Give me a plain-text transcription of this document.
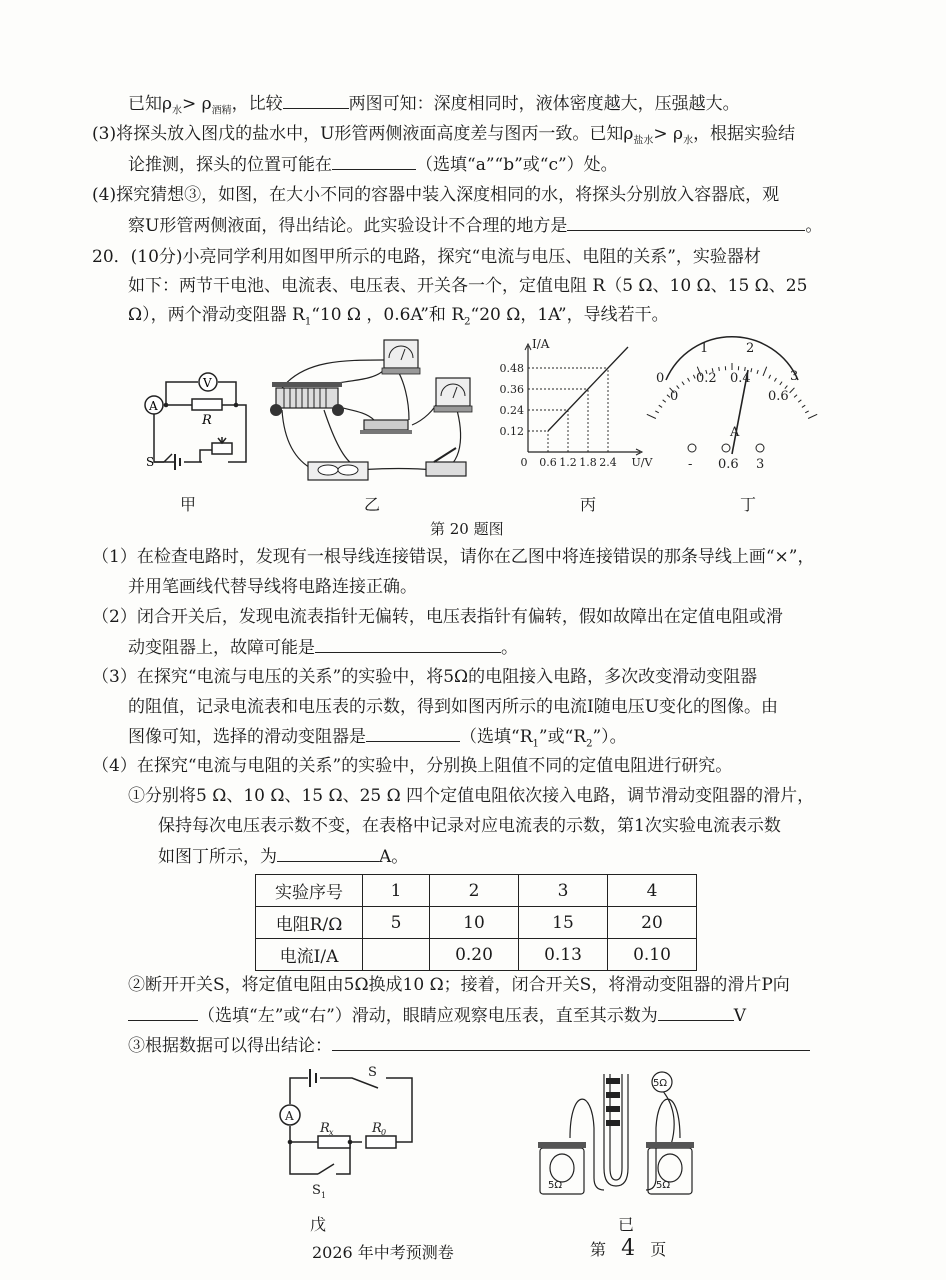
已知$\rho_水> \rho_{酒精}$，比较	两图可知：深度相同时，液体密度越大，压强越大。
(3)将探头放入图戊的盐水中，U形管两侧液面高度差与图丙一致。已知$\rho_{盐水}> \rho_水$，根据实验结
论推测，探头的位置可能在	（选填“a”“b”或“c”）处。
(4)探究猜想③，如图，在大小不同的容器中装入深度相同的水，将探头分别放入容器底，观
察U形管两侧液面，得出结论。此实验设计不合理的地方是	。
20．(10分)小亮同学利用如图甲所示的电路，探究“电流与电压、电阻的关系”，实验器材
如下：两节干电池、电流表、电压表、开关各一个，定值电阻 R（5 Ω、10 Ω、15 Ω、25
Ω），两个滑动变阻器 $R_1“10$ Ω ，0.6A”和 $R_2“20$ Ω，1A”，导线若干。
V
A
R
S
I/A
U/V
0 0.6 1.2 1.8 2.4
0.12
0.24
0.36
0.48
0
1	2
3
0
0.2 0.4
0.6
A
- 0.6 3
甲	乙	丙	丁
第 20 题图
（1）在检查电路时，发现有一根导线连接错误，请你在乙图中将连接错误的那条导线上画“×”，
并用笔画线代替导线将电路连接正确。
（2）闭合开关后，发现电流表指针无偏转，电压表指针有偏转，假如故障出在定值电阻或滑
动变阻器上，故障可能是	。
（3）在探究“电流与电压的关系”的实验中，将5Ω的电阻接入电路，多次改变滑动变阻器
的阻值，记录电流表和电压表的示数，得到如图丙所示的电流I随电压U变化的图像。由
图像可知，选择的滑动变阻器是	（选填“$R_1$”或“$R_2$”）。
（4）在探究“电流与电阻的关系”的实验中，分别换上阻值不同的定值电阻进行研究。
①分别将5 Ω、10 Ω、15 Ω、25 Ω 四个定值电阻依次接入电路，调节滑动变阻器的滑片，
保持每次电压表示数不变，在表格中记录对应电流表的示数，第1次实验电流表示数
如图丁所示，为	A。
实验序号	1	2	3	4
电阻R/Ω	5	10	15	20
电流I/A		0.20	0.13	0.10
②断开开关S，将定值电阻由5Ω换成10 Ω；接着，闭合开关S，将滑动变阻器的滑片P向
（选填“左”或“右”）滑动，眼睛应观察电压表，直至其示数为	V
③根据数据可以得出结论：
A
S
R x	R 0
S 1
5Ω
5Ω	5Ω
戊	已
2026 年中考预测卷	第 4 页
